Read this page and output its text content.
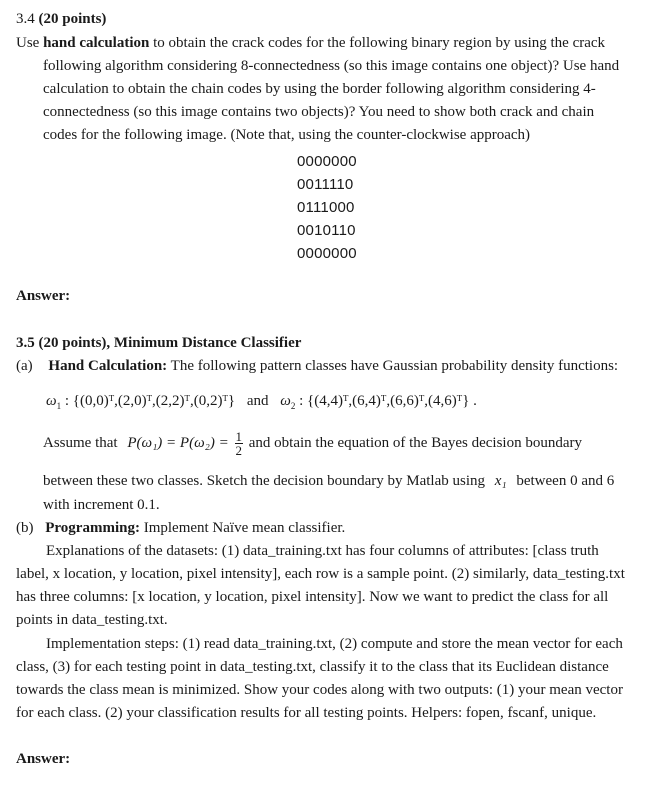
3.4 (20 points)
Use hand calculation to obtain the crack codes for the following binary region by using the crack
following algorithm considering 8-connectedness (so this image contains one object)? Use hand
calculation to obtain the chain codes by using the border following algorithm considering 4-
connectedness (so this image contains two objects)? You need to show both crack and chain
codes for the following image. (Note that, using the counter-clockwise approach)
0000000
0011110
0111000
0010110
0000000
Answer:
3.5 (20 points), Minimum Distance Classifier
(a) Hand Calculation: The following pattern classes have Gaussian probability density functions:
$\omega_1$ : {(0,0)ᵀ,(2,0)ᵀ,(2,2)ᵀ,(0,2)ᵀ} and $\omega_2$ : {(4,4)ᵀ,(6,4)ᵀ,(6,6)ᵀ,(4,6)ᵀ} .
Assume that $P(\omega_1) = P(\omega_2) = \frac{1}{2}$ and obtain the equation of the Bayes decision boundary
between these two classes. Sketch the decision boundary by Matlab using x₁ between 0 and 6
with increment 0.1.
(b) Programming: Implement Naïve mean classifier.
Explanations of the datasets: (1) data_training.txt has four columns of attributes: [class truth
label, x location, y location, pixel intensity], each row is a sample point. (2) similarly, data_testing.txt
has three columns: [x location, y location, pixel intensity]. Now we want to predict the class for all
points in data_testing.txt.
Implementation steps: (1) read data_training.txt, (2) compute and store the mean vector for each
class, (3) for each testing point in data_testing.txt, classify it to the class that its Euclidean distance
towards the class mean is minimized. Show your codes along with two outputs: (1) your mean vector
for each class. (2) your classification results for all testing points. Helpers: fopen, fscanf, unique.
Answer:
